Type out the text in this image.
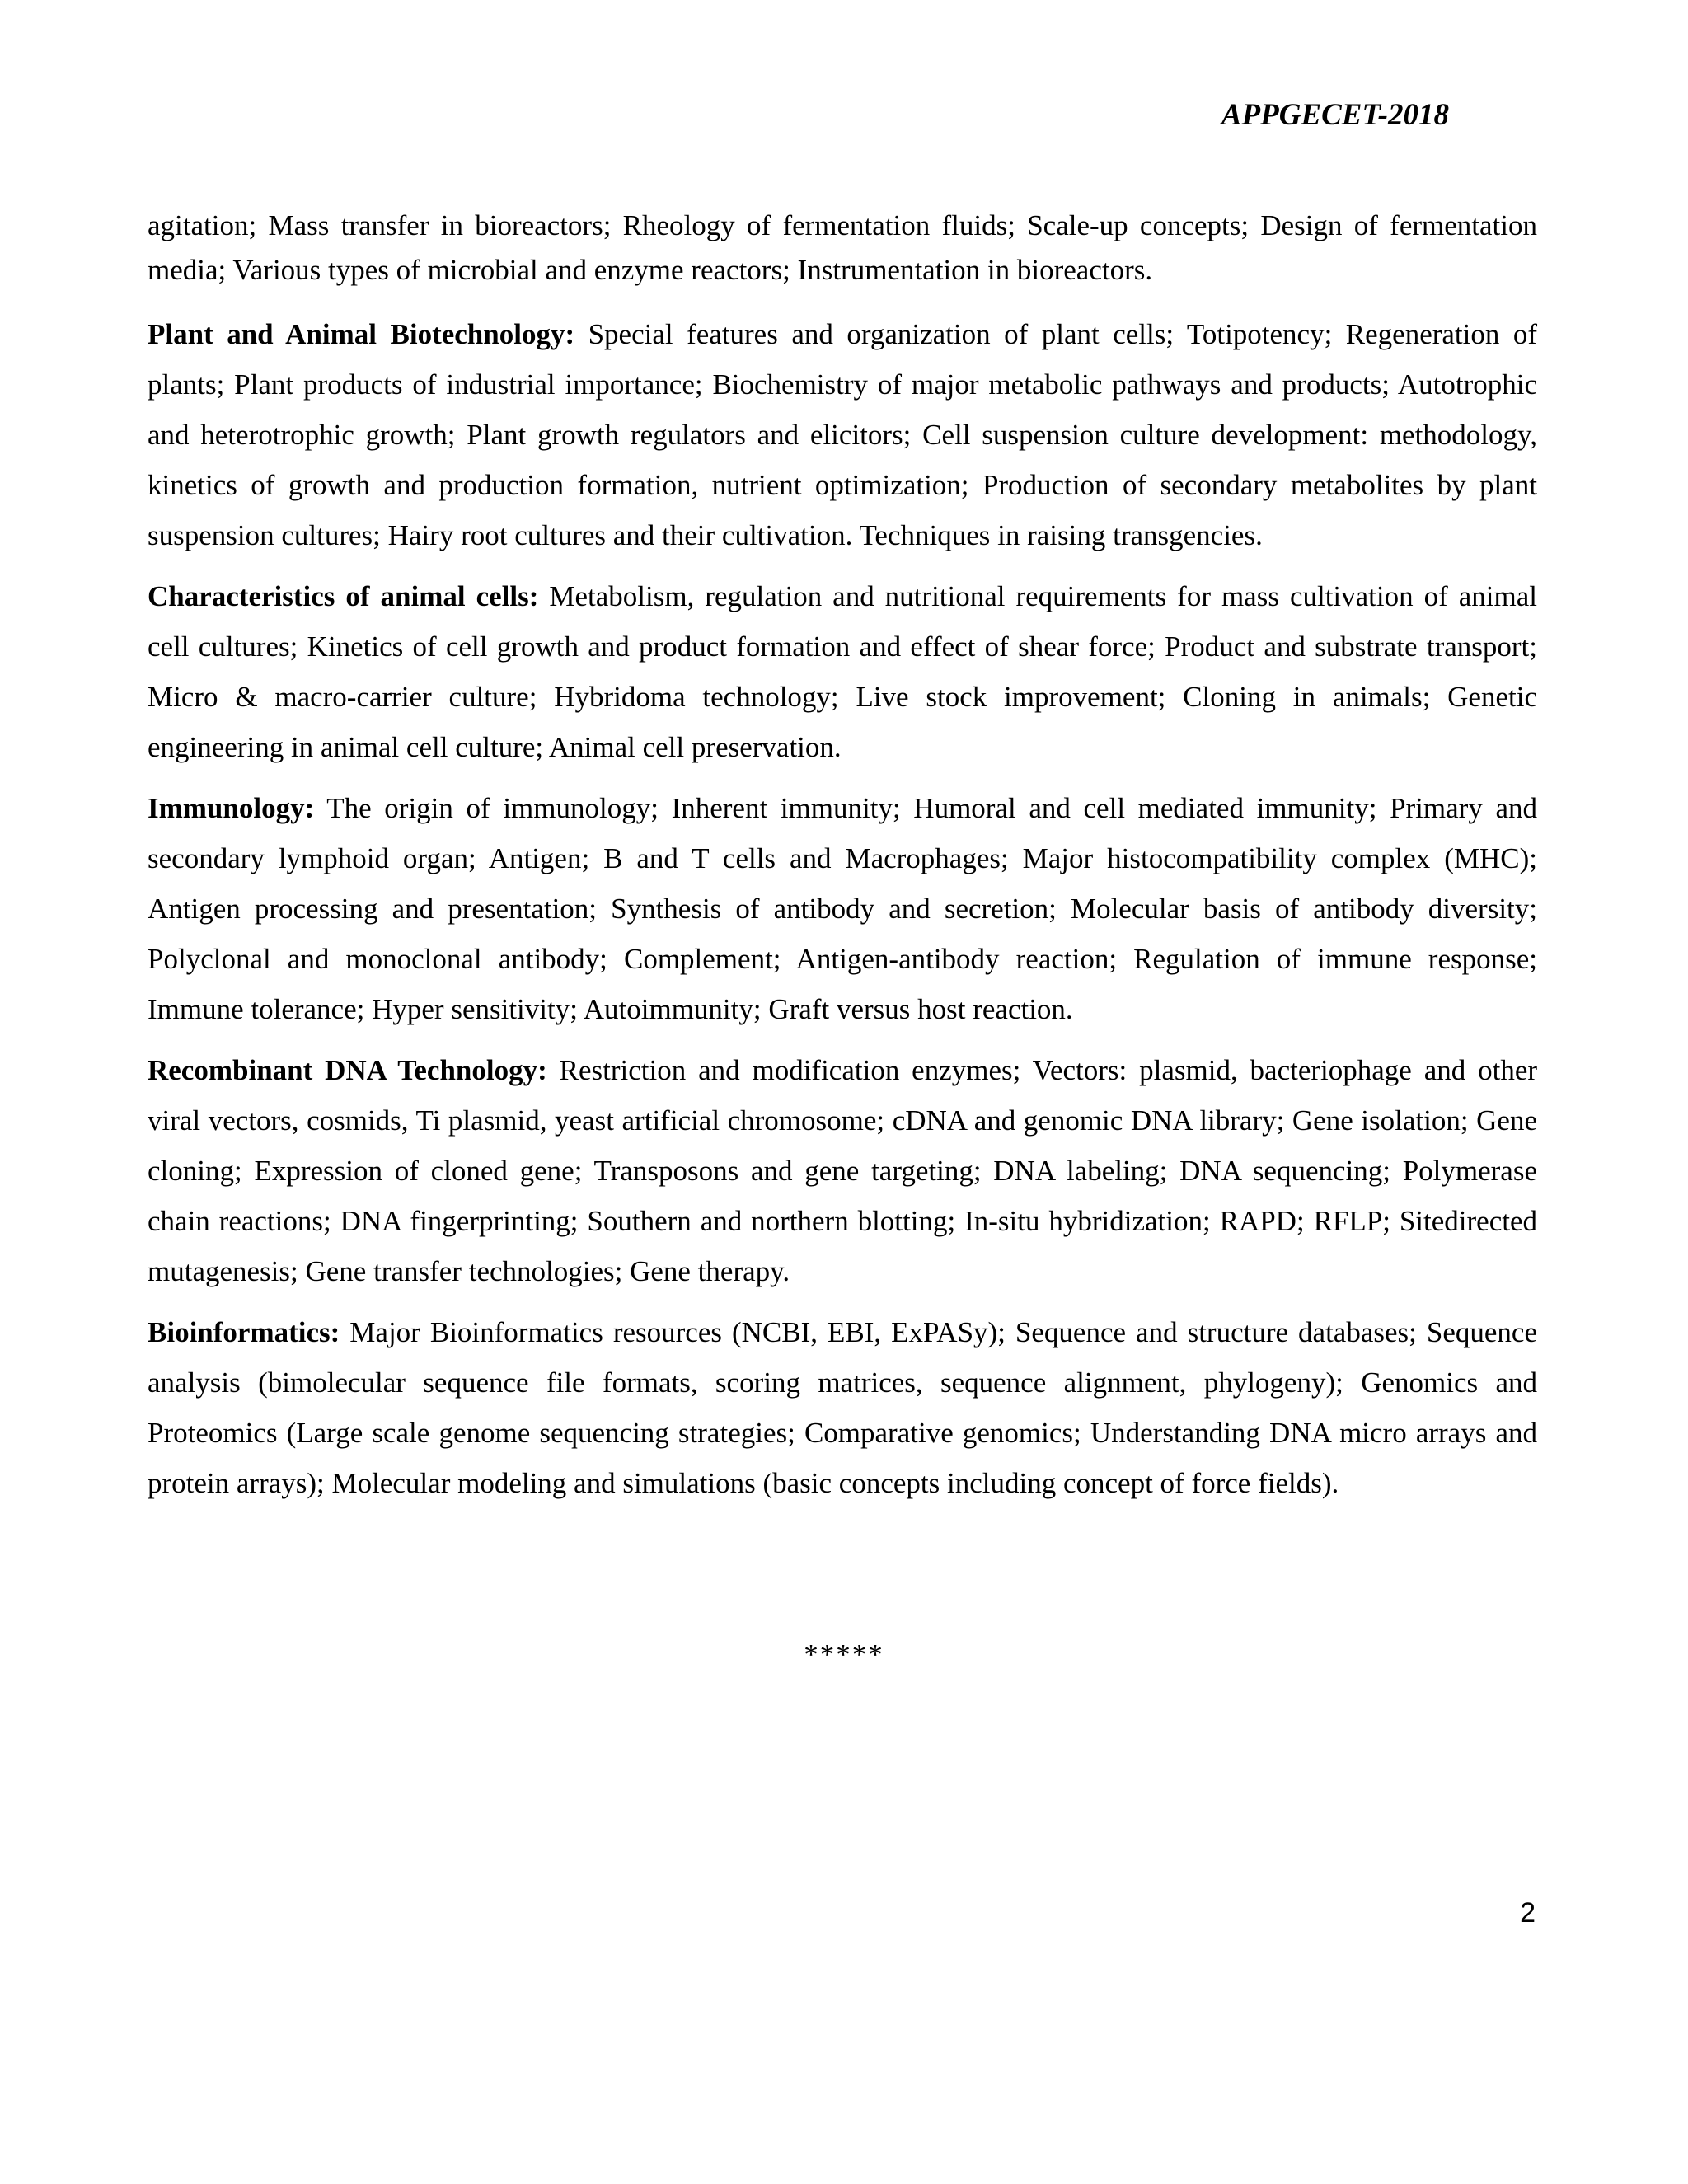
APPGECET-2018

agitation; Mass transfer in bioreactors; Rheology of fermentation fluids; Scale-up concepts; Design of fermentation media; Various types of microbial and enzyme reactors; Instrumentation in bioreactors.

Plant and Animal Biotechnology: Special features and organization of plant cells; Totipotency; Regeneration of plants; Plant products of industrial importance; Biochemistry of major metabolic pathways and products; Autotrophic and heterotrophic growth; Plant growth regulators and elicitors; Cell suspension culture development: methodology, kinetics of growth and production formation, nutrient optimization; Production of secondary metabolites by plant suspension cultures; Hairy root cultures and their cultivation. Techniques in raising transgencies.

Characteristics of animal cells: Metabolism, regulation and nutritional requirements for mass cultivation of animal cell cultures; Kinetics of cell growth and product formation and effect of shear force; Product and substrate transport; Micro & macro-carrier culture; Hybridoma technology; Live stock improvement; Cloning in animals; Genetic engineering in animal cell culture; Animal cell preservation.

Immunology: The origin of immunology; Inherent immunity; Humoral and cell mediated immunity; Primary and secondary lymphoid organ; Antigen; B and T cells and Macrophages; Major histocompatibility complex (MHC); Antigen processing and presentation; Synthesis of antibody and secretion; Molecular basis of antibody diversity; Polyclonal and monoclonal antibody; Complement; Antigen-antibody reaction; Regulation of immune response; Immune tolerance; Hyper sensitivity; Autoimmunity; Graft versus host reaction.

Recombinant DNA Technology: Restriction and modification enzymes; Vectors: plasmid, bacteriophage and other viral vectors, cosmids, Ti plasmid, yeast artificial chromosome; cDNA and genomic DNA library; Gene isolation; Gene cloning; Expression of cloned gene; Transposons and gene targeting; DNA labeling; DNA sequencing; Polymerase chain reactions; DNA fingerprinting; Southern and northern blotting; In-situ hybridization; RAPD; RFLP; Sitedirected mutagenesis; Gene transfer technologies; Gene therapy.

Bioinformatics: Major Bioinformatics resources (NCBI, EBI, ExPASy); Sequence and structure databases; Sequence analysis (bimolecular sequence file formats, scoring matrices, sequence alignment, phylogeny); Genomics and Proteomics (Large scale genome sequencing strategies; Comparative genomics; Understanding DNA micro arrays and protein arrays); Molecular modeling and simulations (basic concepts including concept of force fields).

*****

2
